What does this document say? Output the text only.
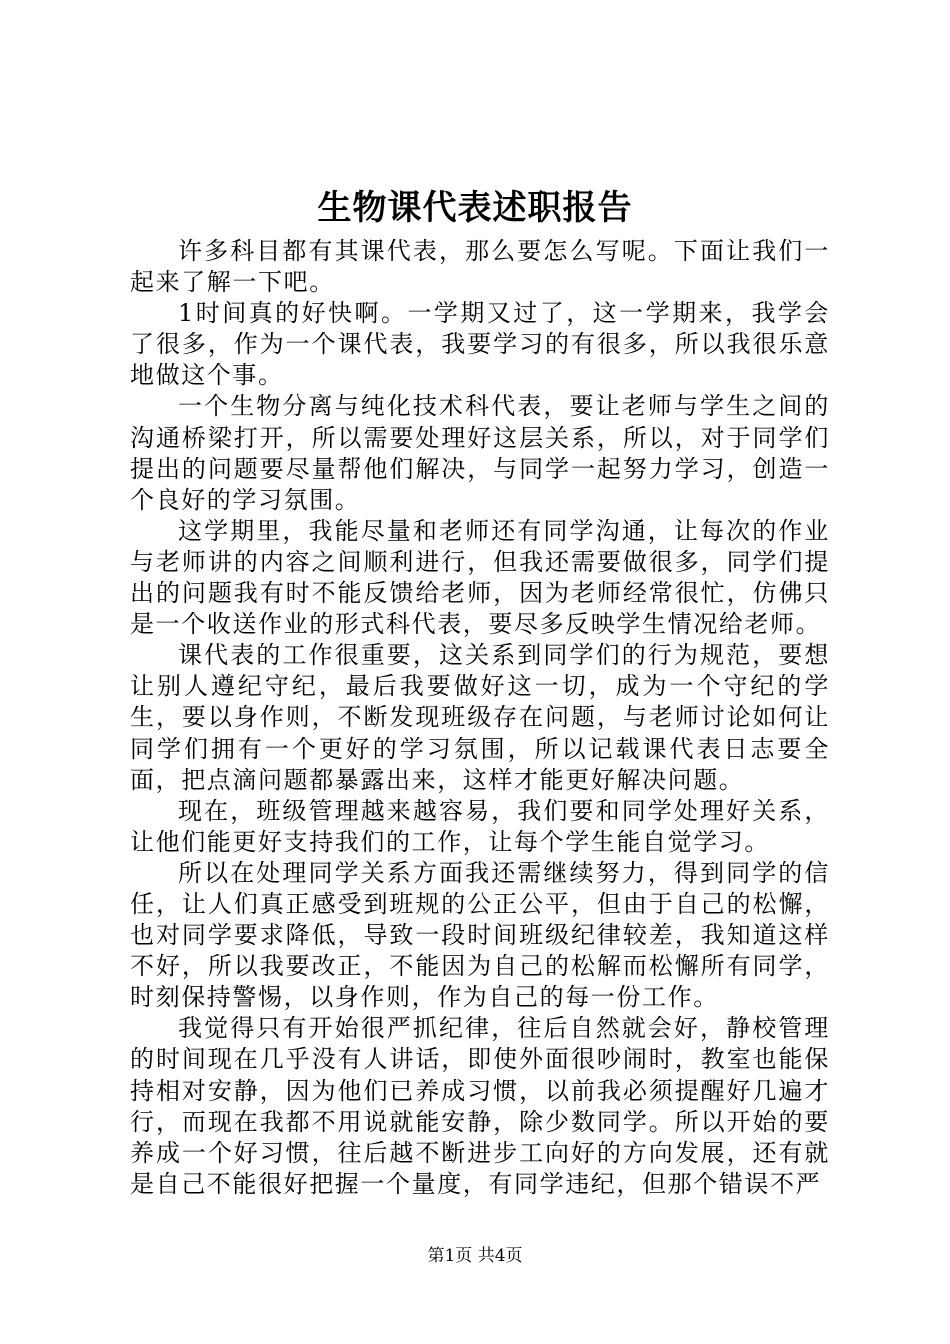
生物课代表述职报告

许多科目都有其课代表，那么要怎么写呢。下面让我们一起来了解一下吧。

1时间真的好快啊。一学期又过了，这一学期来，我学会了很多，作为一个课代表，我要学习的有很多，所以我很乐意地做这个事。

一个生物分离与纯化技术科代表，要让老师与学生之间的沟通桥梁打开，所以需要处理好这层关系，所以，对于同学们提出的问题要尽量帮他们解决，与同学一起努力学习，创造一个良好的学习氛围。

这学期里，我能尽量和老师还有同学沟通，让每次的作业与老师讲的内容之间顺利进行，但我还需要做很多，同学们提出的问题我有时不能反馈给老师，因为老师经常很忙，仿佛只是一个收送作业的形式科代表，要尽多反映学生情况给老师。

课代表的工作很重要，这关系到同学们的行为规范，要想让别人遵纪守纪，最后我要做好这一切，成为一个守纪的学生，要以身作则，不断发现班级存在问题，与老师讨论如何让同学们拥有一个更好的学习氛围，所以记载课代表日志要全面，把点滴问题都暴露出来，这样才能更好解决问题。

现在，班级管理越来越容易，我们要和同学处理好关系，让他们能更好支持我们的工作，让每个学生能自觉学习。

所以在处理同学关系方面我还需继续努力，得到同学的信任，让人们真正感受到班规的公正公平，但由于自己的松懈，也对同学要求降低，导致一段时间班级纪律较差，我知道这样不好，所以我要改正，不能因为自己的松解而松懈所有同学，时刻保持警惕，以身作则，作为自己的每一份工作。

我觉得只有开始很严抓纪律，往后自然就会好，静校管理的时间现在几乎没有人讲话，即使外面很吵闹时，教室也能保持相对安静，因为他们已养成习惯，以前我必须提醒好几遍才行，而现在我都不用说就能安静，除少数同学。所以开始的要养成一个好习惯，往后越不断进步工向好的方向发展，还有就是自己不能很好把握一个量度，有同学违纪，但那个错误不严

第1页 共4页
